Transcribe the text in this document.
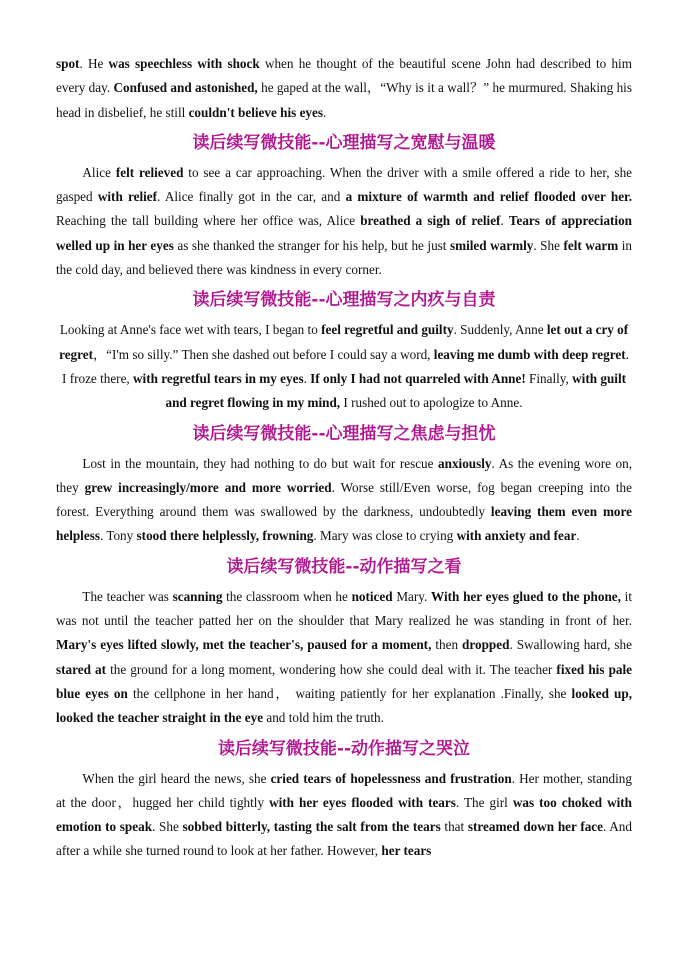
spot. He was speechless with shock when he thought of the beautiful scene John had described to him every day. Confused and astonished, he gaped at the wall，“Why is it a wall？” he murmured. Shaking his head in disbelief, he still couldn't believe his eyes.

读后续写微技能--心理描写之宽慰与温暖

Alice felt relieved to see a car approaching. When the driver with a smile offered a ride to her, she gasped with relief. Alice finally got in the car, and a mixture of warmth and relief flooded over her. Reaching the tall building where her office was, Alice breathed a sigh of relief. Tears of appreciation welled up in her eyes as she thanked the stranger for his help, but he just smiled warmly. She felt warm in the cold day, and believed there was kindness in every corner.

读后续写微技能--心理描写之内疚与自责

Looking at Anne's face wet with tears, I began to feel regretful and guilty. Suddenly, Anne let out a cry of regret，“I'm so silly.” Then she dashed out before I could say a word, leaving me dumb with deep regret. I froze there, with regretful tears in my eyes. If only I had not quarreled with Anne! Finally, with guilt and regret flowing in my mind, I rushed out to apologize to Anne.

读后续写微技能--心理描写之焦虑与担忧

Lost in the mountain, they had nothing to do but wait for rescue anxiously. As the evening wore on, they grew increasingly/more and more worried. Worse still/Even worse, fog began creeping into the forest. Everything around them was swallowed by the darkness, undoubtedly leaving them even more helpless. Tony stood there helplessly, frowning. Mary was close to crying with anxiety and fear.

读后续写微技能--动作描写之看

The teacher was scanning the classroom when he noticed Mary. With her eyes glued to the phone, it was not until the teacher patted her on the shoulder that Mary realized he was standing in front of her. Mary's eyes lifted slowly, met the teacher's, paused for a moment, then dropped. Swallowing hard, she stared at the ground for a long moment, wondering how she could deal with it. The teacher fixed his pale blue eyes on the cellphone in her hand， waiting patiently for her explanation .Finally, she looked up, looked the teacher straight in the eye and told him the truth.

读后续写微技能--动作描写之哭泣

When the girl heard the news, she cried tears of hopelessness and frustration. Her mother, standing at the door，hugged her child tightly with her eyes flooded with tears. The girl was too choked with emotion to speak. She sobbed bitterly, tasting the salt from the tears that streamed down her face. And after a while she turned round to look at her father. However, her tears
